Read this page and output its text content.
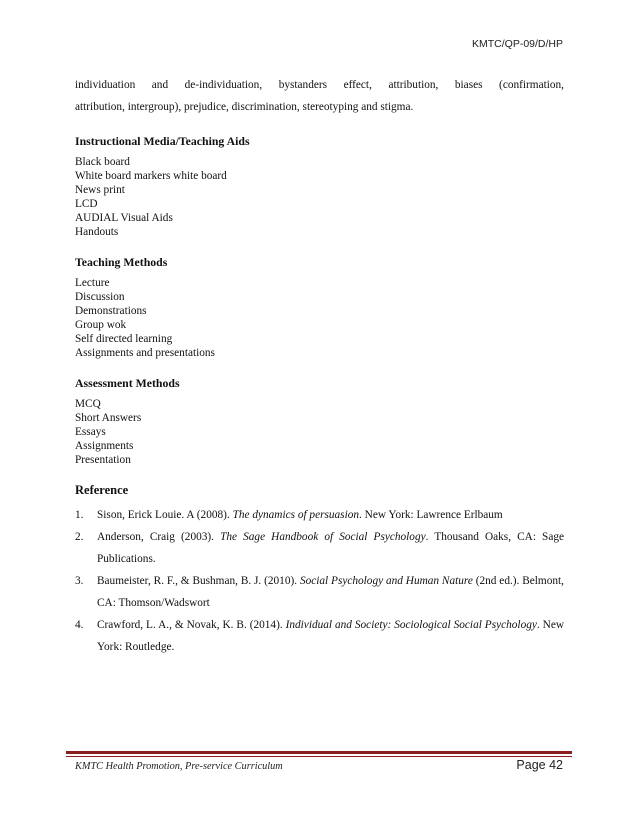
KMTC/QP-09/D/HP

individuation and de-individuation, bystanders effect, attribution, biases (confirmation,

attribution, intergroup), prejudice, discrimination, stereotyping and stigma.

Instructional Media/Teaching Aids

Black board
White board markers white board
News print
LCD
AUDIAL Visual Aids
Handouts

Teaching Methods

Lecture
Discussion
Demonstrations
Group wok
Self directed learning
Assignments and presentations

Assessment Methods

MCQ
Short Answers
Essays
Assignments
Presentation

Reference

1. Sison, Erick Louie. A (2008). The dynamics of persuasion. New York: Lawrence Erlbaum
2. Anderson, Craig (2003). The Sage Handbook of Social Psychology. Thousand Oaks, CA: Sage Publications.
3. Baumeister, R. F., & Bushman, B. J. (2010). Social Psychology and Human Nature (2nd ed.). Belmont, CA: Thomson/Wadswort
4. Crawford, L. A., & Novak, K. B. (2014). Individual and Society: Sociological Social Psychology. New York: Routledge.
KMTC Health Promotion, Pre-service Curriculum	Page 42
